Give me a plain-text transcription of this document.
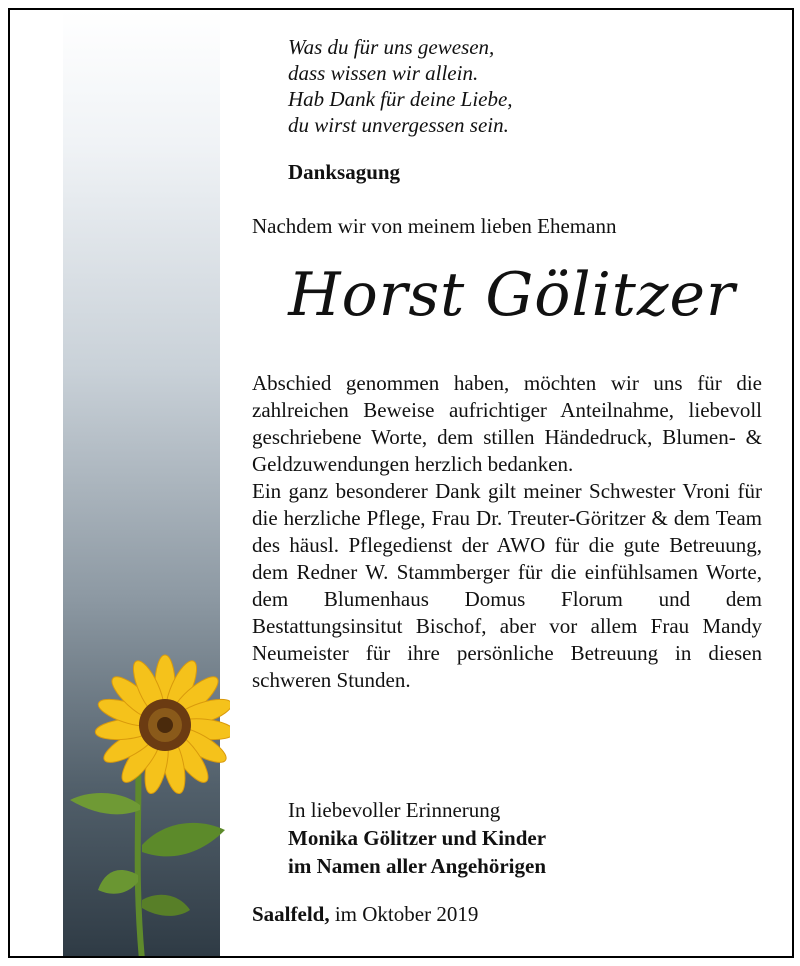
Was du für uns gewesen,
dass wissen wir allein.
Hab Dank für deine Liebe,
du wirst unvergessen sein.
Danksagung
Nachdem wir von meinem lieben Ehemann
Horst Gölitzer

Abschied genommen haben, möchten wir uns für die zahlreichen Beweise aufrichtiger Anteilnahme, liebevoll geschriebene Worte, dem stillen Händedruck, Blumen- & Geldzuwendungen herzlich bedanken.

Ein ganz besonderer Dank gilt meiner Schwester Vroni für die herzliche Pflege, Frau Dr. Treuter-Göritzer & dem Team des häusl. Pflegedienst der AWO für die gute Betreuung, dem Redner W. Stammberger für die einfühlsamen Worte, dem Blumenhaus Domus Florum und dem Bestattungsinsitut Bischof, aber vor allem Frau Mandy Neumeister für ihre persönliche Betreuung in diesen schweren Stunden.

In liebevoller Erinnerung
Monika Gölitzer und Kinder
im Namen aller Angehörigen
Saalfeld, im Oktober 2019
